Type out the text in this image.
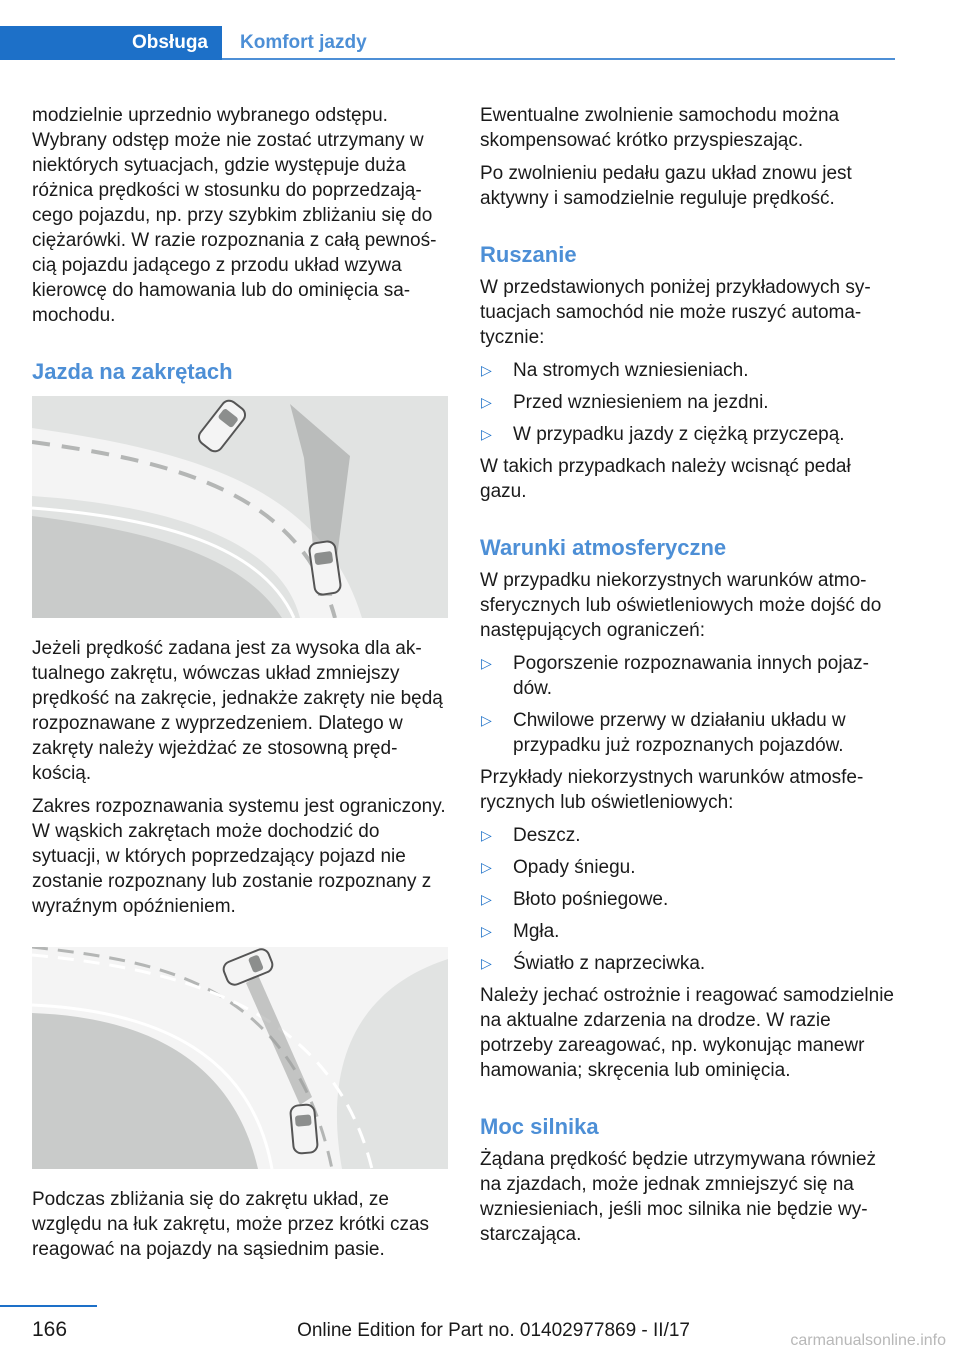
Obsługa	Komfort jazdy

modzielnie uprzednio wybranego odstępu. Wybrany odstęp może nie zostać utrzymany w niektórych sytuacjach, gdzie występuje duża różnica prędkości w stosunku do poprzedzającego pojazdu, np. przy szybkim zbliżaniu się do ciężarówki. W razie rozpoznania z całą pewnością pojazdu jadącego z przodu układ wzywa kierowcę do hamowania lub do ominięcia samochodu.

Jazda na zakrętach

Jeżeli prędkość zadana jest za wysoka dla aktualnego zakrętu, wówczas układ zmniejszy prędkość na zakręcie, jednakże zakręty nie będą rozpoznawane z wyprzedzeniem. Dlatego w zakręty należy wjeżdżać ze stosowną prędkością.

Zakres rozpoznawania systemu jest ograniczony. W wąskich zakrętach może dochodzić do sytuacji, w których poprzedzający pojazd nie zostanie rozpoznany lub zostanie rozpoznany z wyraźnym opóźnieniem.

Podczas zbliżania się do zakrętu układ, ze względu na łuk zakrętu, może przez krótki czas reagować na pojazdy na sąsiednim pasie.

Ewentualne zwolnienie samochodu można skompensować krótko przyspieszając.

Po zwolnieniu pedału gazu układ znowu jest aktywny i samodzielnie reguluje prędkość.

Ruszanie

W przedstawionych poniżej przykładowych sytuacjach samochód nie może ruszyć automatycznie:

▷ Na stromych wzniesieniach.
▷ Przed wzniesieniem na jezdni.
▷ W przypadku jazdy z ciężką przyczepą.

W takich przypadkach należy wcisnąć pedał gazu.

Warunki atmosferyczne

W przypadku niekorzystnych warunków atmosferycznych lub oświetleniowych może dojść do następujących ograniczeń:

▷ Pogorszenie rozpoznawania innych pojazdów.
▷ Chwilowe przerwy w działaniu układu w przypadku już rozpoznanych pojazdów.

Przykłady niekorzystnych warunków atmosferycznych lub oświetleniowych:

▷ Deszcz.
▷ Opady śniegu.
▷ Błoto pośniegowe.
▷ Mgła.
▷ Światło z naprzeciwka.

Należy jechać ostrożnie i reagować samodzielnie na aktualne zdarzenia na drodze. W razie potrzeby zareagować, np. wykonując manewr hamowania; skręcenia lub ominięcia.

Moc silnika

Żądana prędkość będzie utrzymywana również na zjazdach, może jednak zmniejszyć się na wzniesieniach, jeśli moc silnika nie będzie wystarczająca.

166	Online Edition for Part no. 01402977869 - II/17	carmanualsonline.info
